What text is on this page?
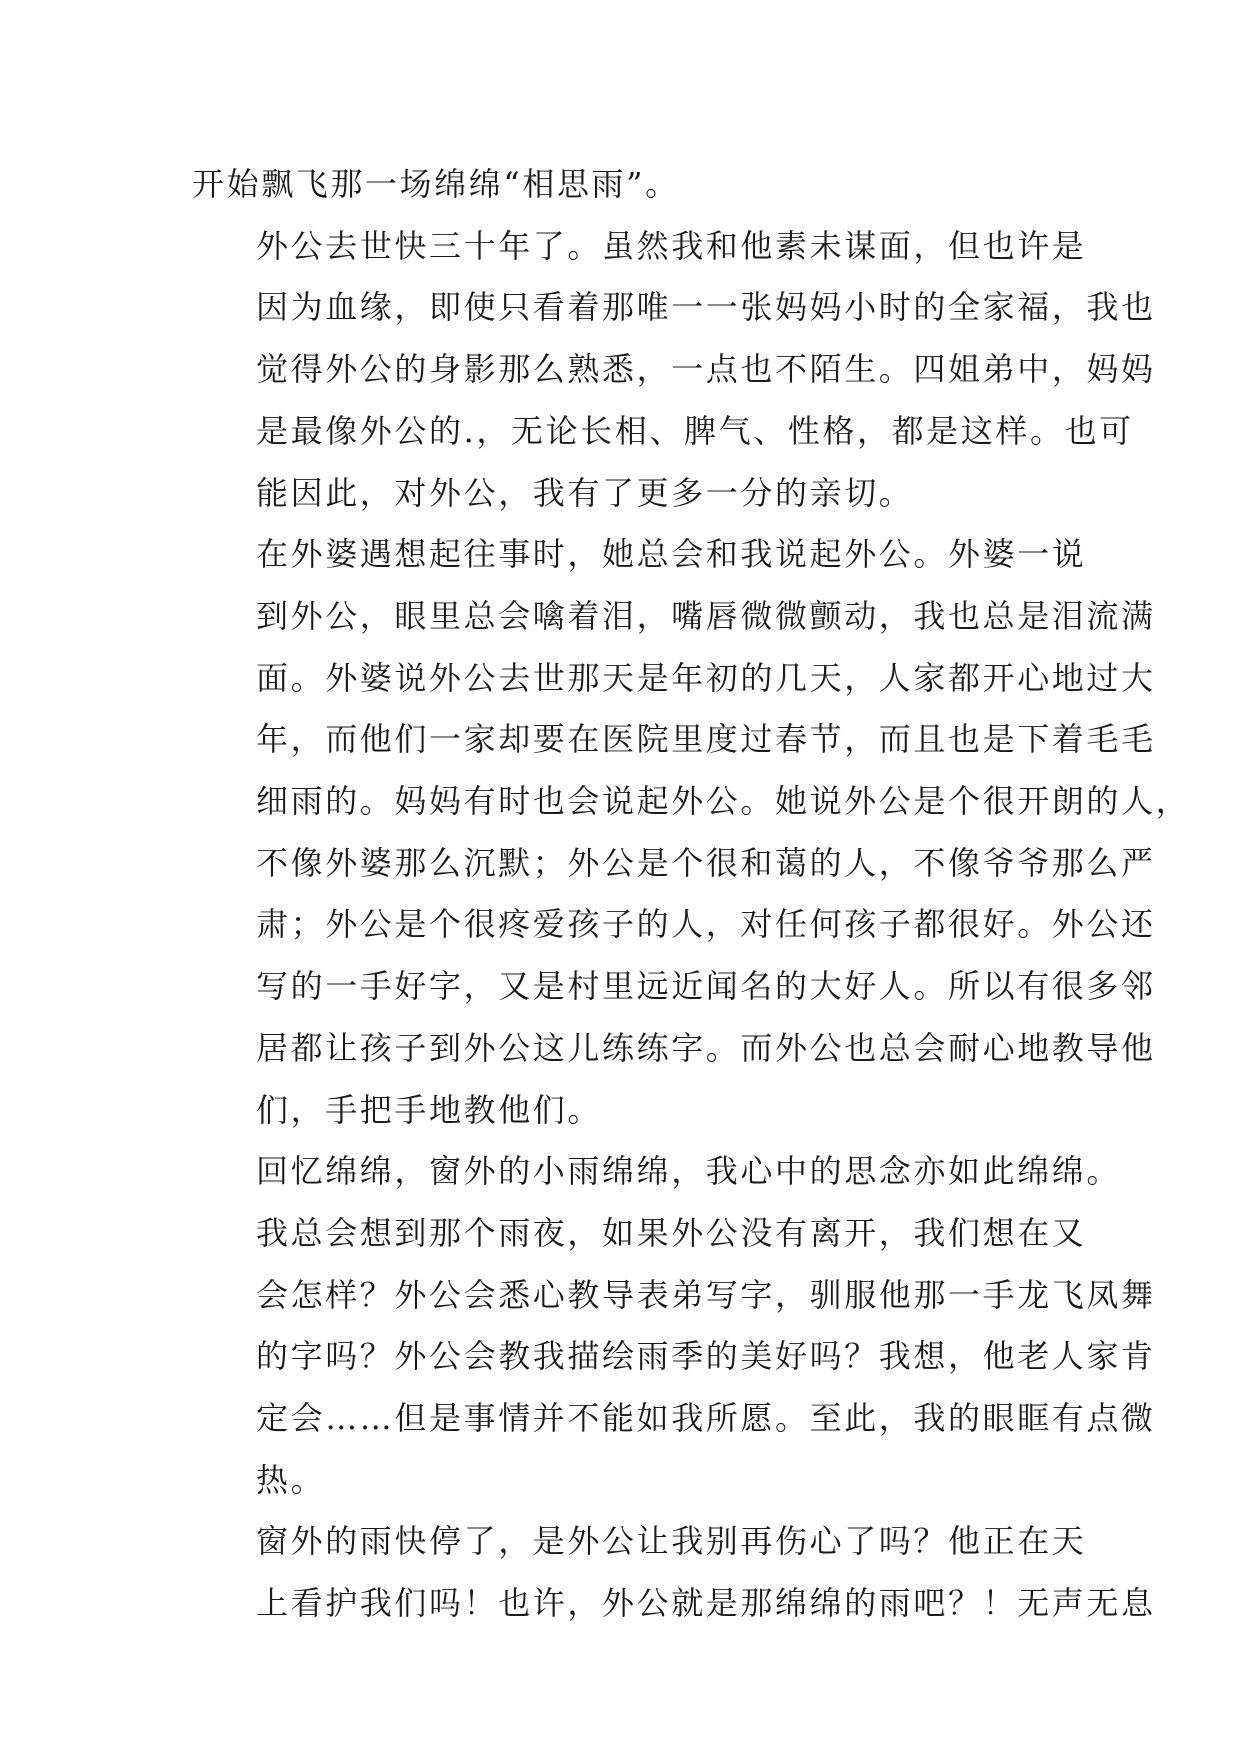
开始飘飞那一场绵绵“相思雨”。

外公去世快三十年了。虽然我和他素未谋面，但也许是
因为血缘，即使只看着那唯一一张妈妈小时的全家福，我也
觉得外公的身影那么熟悉，一点也不陌生。四姐弟中，妈妈
是最像外公的.，无论长相、脾气、性格，都是这样。也可
能因此，对外公，我有了更多一分的亲切。

在外婆遇想起往事时，她总会和我说起外公。外婆一说
到外公，眼里总会噙着泪，嘴唇微微颤动，我也总是泪流满
面。外婆说外公去世那天是年初的几天，人家都开心地过大
年，而他们一家却要在医院里度过春节，而且也是下着毛毛
细雨的。妈妈有时也会说起外公。她说外公是个很开朗的人，
不像外婆那么沉默；外公是个很和蔼的人，不像爷爷那么严
肃；外公是个很疼爱孩子的人，对任何孩子都很好。外公还
写的一手好字，又是村里远近闻名的大好人。所以有很多邻
居都让孩子到外公这儿练练字。而外公也总会耐心地教导他
们，手把手地教他们。

回忆绵绵，窗外的小雨绵绵，我心中的思念亦如此绵绵。

我总会想到那个雨夜，如果外公没有离开，我们想在又
会怎样？外公会悉心教导表弟写字，驯服他那一手龙飞凤舞
的字吗？外公会教我描绘雨季的美好吗？我想，他老人家肯
定会……但是事情并不能如我所愿。至此，我的眼眶有点微
热。

窗外的雨快停了，是外公让我别再伤心了吗？他正在天
上看护我们吗！也许，外公就是那绵绵的雨吧？！无声无息
